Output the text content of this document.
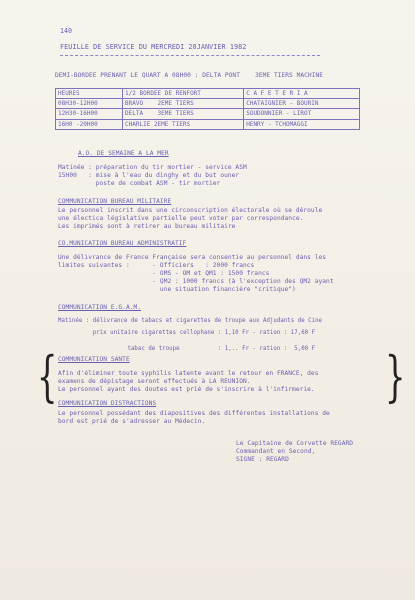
140
FEUILLE DE SERVICE DU MERCREDI 20JANVIER 1982
DEMI-BORDEE PRENANT LE QUART A 08H00 : DELTA PONT    3EME TIERS MACHINE
HEURES	1/2 BORDEE DE RENFORT	C A F E T E R I A
08H30-12H00	BRAVO    2EME TIERS	CHATAIGNIER - BOURIN
12H30-16H00	DELTA    3EME TIERS	SOUDONNIER - LIROT
16H0 -20H00	CHARLIE 2EME TIERS	HENRY - TCHOMAGGI
A.O. DE SEMAINE A LA MER
Matinée : préparation du tir mortier - service ASM
15H00   : mise à l'eau du dinghy et du but ouner
poste de combat ASM - tir mortier
COMMUNICATION BUREAU MILITAIRE
Le personnel inscrit dans une circonscription électorale où se déroule
une électica législative partielle peut voter par correspondance.
Les imprimés sont à retirer au bureau militaire
CO.MUNICATION BUREAU ADMINISTRATIF
Une délivrance de France Française sera consentie au personnel dans les
limites suivantes :      - Officiers   : 2000 francs
- OMS - OM et QM1 : 1500 francs
- QM2 : 1000 francs (à l'exception des QM2 ayant
une situation financière "critique")
COMMUNICATION E.G.A.M.
Matinée : délivrance de tabacs et cigarettes de troupe aux Adjudants de Cine
prix unitaire cigarettes cellophane : 1,10 Fr - ration : 17,60 F
tabac de troupe           : 1,.. Fr - ration :  5,00 F
{	}
COMMUNICATION SANTE
Afin d'éliminer toute syphilis latente avant le retour en FRANCE, des
examens de dépistage seront effectués à LA REUNION.
Le personnel ayant des doutes est prié de s'inscrire à l'infirmerie.
COMMUNICATION DISTRACTIONS
Le personnel possédant des diapositives des différentes installations de
bord est prié de s'adresser au Médecin.
Le Capitaine de Corvette REGARD
Commandant en Second,
SIGNE : REGARD
